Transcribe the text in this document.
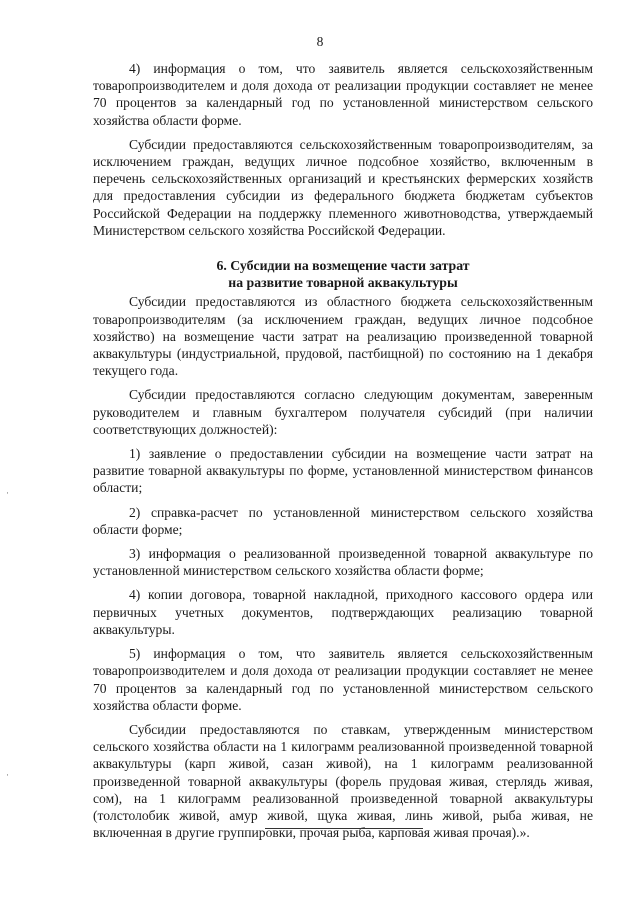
8

4) информация о том, что заявитель является сельскохозяйственным товаропроизводителем и доля дохода от реализации продукции составляет не менее 70 процентов за календарный год по установленной министерством сельского хозяйства области форме.

Субсидии предоставляются сельскохозяйственным товаропроизводителям, за исключением граждан, ведущих личное подсобное хозяйство, включенным в перечень сельскохозяйственных организаций и крестьянских фермерских хозяйств для предоставления субсидии из федерального бюджета бюджетам субъектов Российской Федерации на поддержку племенного животноводства, утверждаемый Министерством сельского хозяйства Российской Федерации.

6. Субсидии на возмещение части затрат
на развитие товарной аквакультуры

Субсидии предоставляются из областного бюджета сельскохозяйственным товаропроизводителям (за исключением граждан, ведущих личное подсобное хозяйство) на возмещение части затрат на реализацию произведенной товарной аквакультуры (индустриальной, прудовой, пастбищной) по состоянию на 1 декабря текущего года.

Субсидии предоставляются согласно следующим документам, заверенным руководителем и главным бухгалтером получателя субсидий (при наличии соответствующих должностей):

1) заявление о предоставлении субсидии на возмещение части затрат на развитие товарной аквакультуры по форме, установленной министерством финансов области;

2) справка-расчет по установленной министерством сельского хозяйства области форме;

3) информация о реализованной произведенной товарной аквакультуре по установленной министерством сельского хозяйства области форме;

4) копии договора, товарной накладной, приходного кассового ордера или первичных учетных документов, подтверждающих реализацию товарной аквакультуры.

5) информация о том, что заявитель является сельскохозяйственным товаропроизводителем и доля дохода от реализации продукции составляет не менее 70 процентов за календарный год по установленной министерством сельского хозяйства области форме.

Субсидии предоставляются по ставкам, утвержденным министерством сельского хозяйства области на 1 килограмм реализованной произведенной товарной аквакультуры (карп живой, сазан живой), на 1 килограмм реализованной произведенной товарной аквакультуры (форель прудовая живая, стерлядь живая, сом), на 1 килограмм реализованной произведенной товарной аквакультуры (толстолобик живой, амур живой, щука живая, линь живой, рыба живая, не включенная в другие группировки, прочая рыба, карповая живая прочая).».

·
·
